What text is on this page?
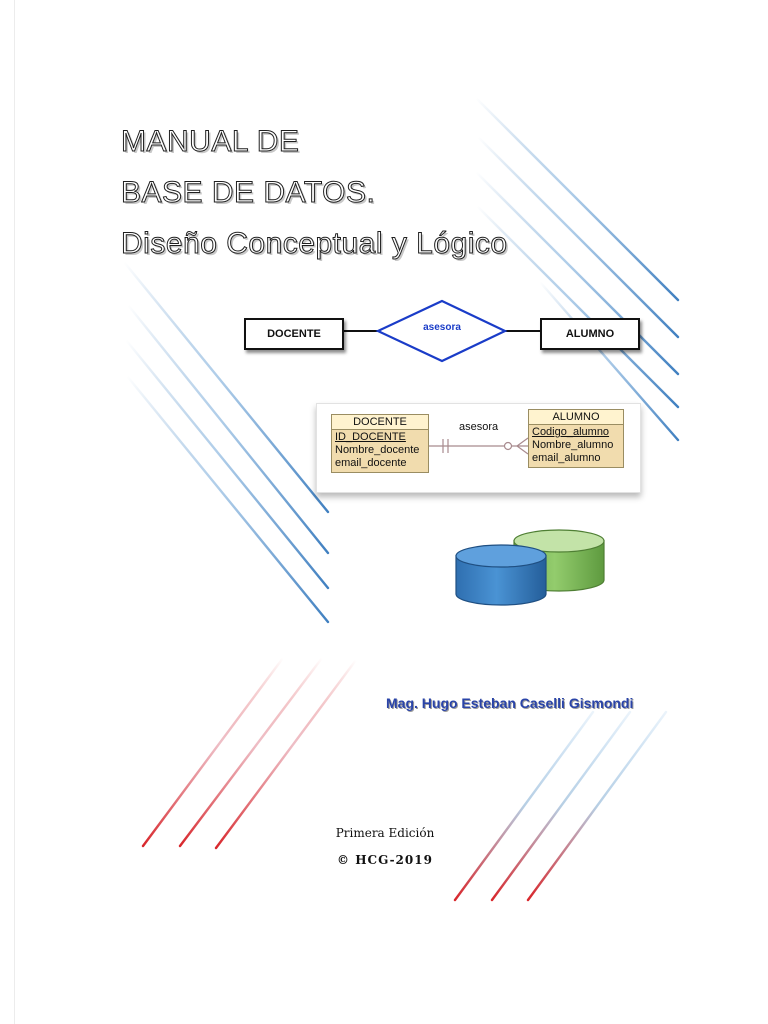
MANUAL DE
BASE DE DATOS.
Diseño Conceptual y Lógico
DOCENTE
asesora
ALUMNO
DOCENTE
ID_DOCENTE
Nombre_docente
email_docente
asesora
ALUMNO
Codigo_alumno
Nombre_alumno
email_alumno

Mag. Hugo Esteban Caselli Gismondi

Primera Edición

© HCG-2019
